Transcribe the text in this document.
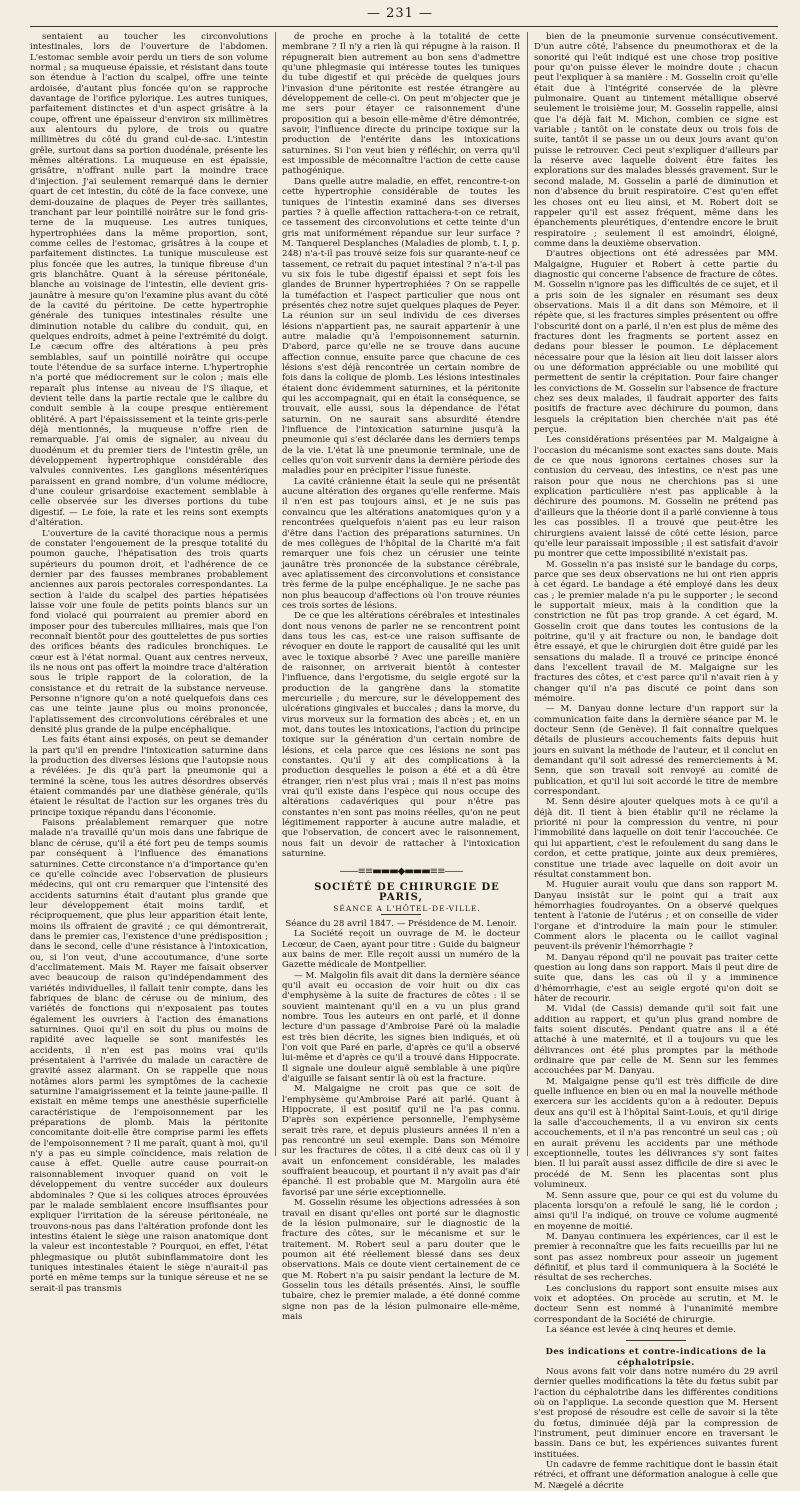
— 231 —

sentaient au toucher les circonvolutions intestinales, lors de l'ouverture de l'abdomen. L'estomac semble avoir perdu un tiers de son volume normal ; sa muqueuse épaissie, et résistant dans toute son étendue à l'action du scalpel, offre une teinte ardoisée, d'autant plus foncée qu'on se rapproche davantage de l'orifice pylorique. Les autres tuniques, parfaitement distinctes et d'un aspect grisâtre à la coupe, offrent une épaisseur d'environ six millimètres aux alentours du pylore, de trois ou quatre millimètres du côté du grand cul-de-sac. L'intestin grêle, surtout dans sa portion duodénale, présente les mêmes altérations. La muqueuse en est épaissie, grisâtre, n'offrant nulle part la moindre trace d'injection. J'ai seulement remarqué dans le dernier quart de cet intestin, du côté de la face convexe, une demi-douzaine de plaques de Peyer très saillantes, tranchant par leur pointillé noirâtre sur le fond gris-terne de la muqueuse. Les autres tuniques, hypertrophiées dans la même proportion, sont, comme celles de l'estomac, grisâtres à la coupe et parfaitement distinctes. La tunique musculeuse est plus foncée que les autres, la tunique fibreuse d'un gris blanchâtre. Quant à la séreuse péritonéale, blanche au voisinage de l'intestin, elle devient gris-jaunâtre à mesure qu'on l'examine plus avant du côté de la cavité du péritoine. De cette hypertrophie générale des tuniques intestinales résulte une diminution notable du calibre du conduit, qui, en quelques endroits, admet à peine l'extrémité du doigt. Le cæcum offre des altérations à peu près semblables, sauf un pointillé noirâtre qui occupe toute l'étendue de sa surface interne. L'hypertrophie n'a porté que médiocrement sur le colon ; mais elle reparaît plus intense au niveau de l'S iliaque, et devient telle dans la partie rectale que le calibre du conduit semble à la coupe presque entièrement oblitéré. A part l'épaississement et la teinte gris-perle déjà mentionnés, la muqueuse n'offre rien de remarquable. J'ai omis de signaler, au niveau du duodénum et du premier tiers de l'intestin grêle, un développement hypertrophique considérable des valvules conniventes. Les ganglions mésentériques paraissent en grand nombre, d'un volume médiocre, d'une couleur grisardoise exactement semblable à celle observée sur les diverses portions du tube digestif. — Le foie, la rate et les reins sont exempts d'altération.

L'ouverture de la cavité thoracique nous a permis de constater l'engouement de la presque totalité du poumon gauche, l'hépatisation des trois quarts supérieurs du poumon droit, et l'adhérence de ce dernier par des fausses membranes probablement anciennes aux parois pectorales correspondantes. La section à l'aide du scalpel des parties hépatisées laisse voir une foule de petits points blancs sur un fond violacé qui pourraient au premier abord en imposer pour des tubercules milliaires, mais que l'on reconnaît bientôt pour des gouttelettes de pus sorties des orifices béants des radicules bronchiques. Le cœur est à l'état normal. Quant aux centres nerveux, ils ne nous ont pas offert la moindre trace d'altération sous le triple rapport de la coloration, de la consistance et du retrait de la substance nerveuse. Personne n'ignore qu'on a noté quelquefois dans ces cas une teinte jaune plus ou moins prononcée, l'aplatissement des circonvolutions cérébrales et une densité plus grande de la pulpe encéphalique.

Les faits étant ainsi exposés, on peut se demander la part qu'il en prendre l'intoxication saturnine dans la production des diverses lésions que l'autopsie nous a révélées. Je dis qu'à part la pneumonie qui a terminé la scène, tous les autres désordres observés étaient commandés par une diathèse générale, qu'ils étaient le résultat de l'action sur les organes très du principe toxique répandu dans l'économie.

Faisons préalablement remarquer que notre malade n'a travaillé qu'un mois dans une fabrique de blanc de céruse, qu'il a été fort peu de temps soumis par conséquent à l'influence des émanations saturnines. Cette circonstance n'a d'importance qu'en ce qu'elle coïncide avec l'observation de plusieurs médecins, qui ont cru remarquer que l'intensité des accidents saturnins était d'autant plus grande que leur développement était moins tardif, et réciproquement, que plus leur apparition était lente, moins ils offraient de gravité ; ce qui démontrerait, dans le premier cas, l'existence d'une prédisposition ; dans le second, celle d'une résistance à l'intoxication, ou, si l'on veut, d'une accoutumance, d'une sorte d'acclimatement. Mais M. Rayer me faisait observer avec beaucoup de raison qu'indépendamment des variétés individuelles, il fallait tenir compte, dans les fabriques de blanc de céruse ou de minium, des variétés de fonctions qui n'exposaient pas toutes également les ouvriers à l'action des émanations saturnines. Quoi qu'il en soit du plus ou moins de rapidité avec laquelle se sont manifestés les accidents, il n'en est pas moins vrai qu'ils présentaient à l'arrivée du malade un caractère de gravité assez alarmant. On se rappelle que nous notâmes alors parmi les symptômes de la cachexie saturnine l'amaigrissement et la teinte jaune-paille. Il existait en même temps une anesthésie superficielle caractéristique de l'empoisonnement par les préparations de plomb. Mais la péritonite concomitante doit-elle être comprise parmi les effets de l'empoisonnement ? Il me paraît, quant à moi, qu'il n'y a pas eu simple coïncidence, mais relation de cause à effet. Quelle autre cause pourrait-on raisonnablement invoquer quand on voit le développement du ventre succéder aux douleurs abdominales ? Que si les coliques atroces éprouvées par le malade semblaient encore insuffisantes pour expliquer l'irritation de la séreuse péritonéale, ne trouvons-nous pas dans l'altération profonde dont les intestins étaient le siège une raison anatomique dont la valeur est incontestable ? Pourquoi, en effet, l'état phlegmasique ou plutôt subinflammatoire dont les tuniques intestinales étaient le siège n'aurait-il pas porté en même temps sur la tunique séreuse et ne se serait-il pas transmis

de proche en proche à la totalité de cette membrane ? Il n'y a rien là qui répugne à la raison. Il répugnerait bien autrement au bon sens d'admettre qu'une phlegmasie qui intéresse toutes les tuniques du tube digestif et qui précède de quelques jours l'invasion d'une péritonite est restée étrangère au développement de celle-ci. On peut m'objecter que je me sers pour étayer ce raisonnement d'une proposition qui a besoin elle-même d'être démontrée, savoir, l'influence directe du principe toxique sur la production de l'entérite dans les intoxications saturnines. Si l'on veut bien y réfléchir, on verra qu'il est impossible de méconnaître l'action de cette cause pathogénique.

Dans quelle autre maladie, en effet, rencontre-t-on cette hypertrophie considérable de toutes les tuniques de l'intestin examiné dans ses diverses parties ? à quelle affection rattachera-t-on ce retrait, ce tassement des circonvolutions et cette teinte d'un gris mat uniformément répandue sur leur surface ? M. Tanquerel Desplanches (Maladies de plomb, t. I, p. 248) n'a-t-il pas trouvé seize fois sur quarante-neuf ce tassement, ce retrait du paquet intestinal ? n'a-t-il pas vu six fois le tube digestif épaissi et sept fois les glandes de Brunner hypertrophiées ? On se rappelle la tuméfaction et l'aspect particulier que nous ont présentés chez notre sujet quelques plaques de Peyer. La réunion sur un seul individu de ces diverses lésions n'appartient pas, ne saurait appartenir à une autre maladie qu'à l'empoisonnement saturnin. D'abord, parce qu'elle ne se trouve dans aucune affection connue, ensuite parce que chacune de ces lésions s'est déjà rencontrée un certain nombre de fois dans la colique de plomb. Les lésions intestinales étaient donc évidemment saturnines, et la péritonite qui les accompagnait, qui en était la conséquence, se trouvait, elle aussi, sous la dépendance de l'état saturnin. On ne saurait sans absurdité étendre l'influence de l'intoxication saturnine jusqu'à la pneumonie qui s'est déclarée dans les derniers temps de la vie. L'état là une pneumonie terminale, une de celles qu'on voit survenir dans la dernière période des maladies pour en précipiter l'issue funeste.

La cavité crânienne était la seule qui ne présentât aucune altération des organes qu'elle renferme. Mais il n'en est pas toujours ainsi, et je ne suis pas convaincu que les altérations anatomiques qu'on y a rencontrées quelquefois n'aient pas eu leur raison d'être dans l'action des préparations saturnines. Un de mes collègues de l'hôpital de la Charité m'a fait remarquer une fois chez un cérusier une teinte jaunâtre très prononcée de la substance cérébrale, avec aplatissement des circonvolutions et consistance très ferme de la pulpe encéphalique. Je ne sache pas non plus beaucoup d'affections où l'on trouve réunies ces trois sortes de lésions.

De ce que les altérations cérébrales et intestinales dont nous venons de parler ne se rencontrent point dans tous les cas, est-ce une raison suffisante de révoquer en doute le rapport de causalité qui les unit avec le toxique absorbé ? Avec une pareille manière de raisonner, on arriverait bientôt à contester l'influence, dans l'ergotisme, du seigle ergoté sur la production de la gangrène dans la stomatite mercurielle ; du mercure, sur le développement des ulcérations gingivales et buccales ; dans la morve, du virus morveux sur la formation des abcès ; et, en un mot, dans toutes les intoxications, l'action du principe toxique sur la génération d'un certain nombre de lésions, et cela parce que ces lésions ne sont pas constantes. Qu'il y ait des complications à la production desquelles le poison a été et a dû être étranger, rien n'est plus vrai ; mais il n'est pas moins vrai qu'il existe dans l'espèce qui nous occupe des altérations cadavériques qui pour n'être pas constantes n'en sont pas moins réelles, qu'on ne peut légitimement rapporter à aucune autre maladie, et que l'observation, de concert avec le raisonnement, nous fait un devoir de rattacher à l'intoxication saturnine.

——≡≡▬▬▬◆▬▬▬≡≡——

SOCIÉTÉ DE CHIRURGIE DE PARIS,

SÉANCE A L'HÔTEL-DE-VILLE.

Séance du 28 avril 1847. — Présidence de M. Lenoir.

La Société reçoit un ouvrage de M. le docteur Lecœur, de Caen, ayant pour titre : Guide du baigneur aux bains de mer. Elle reçoit aussi un numéro de la Gazette médicale de Montpellier.

— M. Malgolin fils avait dit dans la dernière séance qu'il avait eu occasion de voir huit ou dix cas d'emphysème à la suite de fractures de côtes : il se souvient maintenant qu'il en a vu un plus grand nombre. Tous les auteurs en ont parlé, et il donne lecture d'un passage d'Ambroise Paré où la maladie est très bien décrite, les signes bien indiqués, et où l'on voit que Paré en parle, d'après ce qu'il a observé lui-même et d'après ce qu'il a trouvé dans Hippocrate. Il signale une douleur aiguë semblable à une piqûre d'aiguille se faisant sentir là où est la fracture.

M. Malgaigne ne croit pas que ce soit de l'emphysème qu'Ambroise Paré ait parlé. Quant à Hippocrate, il est positif qu'il ne l'a pas connu. D'après son expérience personnelle, l'emphysème serait très rare, et depuis plusieurs années il n'en a pas rencontré un seul exemple. Dans son Mémoire sur les fractures de côtes, il a cité deux cas où il y avait un enfoncement considérable, les malades souffraient beaucoup, et pourtant il n'y avait pas d'air épanché. Il est probable que M. Margolin aura été favorisé par une série exceptionnelle.

M. Gosselin résume les objections adressées à son travail en disant qu'elles ont porté sur le diagnostic de la lésion pulmonaire, sur le diagnostic de la fracture des côtes, sur le mécanisme et sur le traitement. M. Robert seul a paru douter que le poumon ait été réellement blessé dans ses deux observations. Mais ce doute vient certainement de ce que M. Robert n'a pu saisir pendant la lecture de M. Gosselin tous les détails présentés. Ainsi, le souffle tubaire, chez le premier malade, a été donné comme signe non pas de la lésion pulmonaire elle-même, mais

bien de la pneumonie survenue consécutivement. D'un autre côté, l'absence du pneumothorax et de la sonorité qui l'eût indiqué est une chose trop positive pour qu'on puisse élever le moindre doute ; chacun peut l'expliquer à sa manière : M. Gosselin croit qu'elle était due à l'intégrité conservée de la plèvre pulmonaire. Quant au tintement métallique observé seulement le troisième jour, M. Gosselin rappelle, ainsi que l'a déjà fait M. Michon, combien ce signe est variable ; tantôt on le constate deux ou trois fois de suite, tantôt il se passe un ou deux jours avant qu'on puisse le retrouver. Ceci peut s'expliquer d'ailleurs par la réserve avec laquelle doivent être faites les explorations sur des malades blessés gravement. Sur le second malade, M. Gosselin a parlé de diminution et non d'absence du bruit respiratoire. C'est qu'en effet les choses ont eu lieu ainsi, et M. Robert doit se rappeler qu'il est assez fréquent, même dans les épanchements pleurétiques, d'entendre encore le bruit respiratoire ; seulement il est amoindri, éloigné, comme dans la deuxième observation.

D'autres objections ont été adressées par MM. Malgaigne, Huguier et Robert à cette partie du diagnostic qui concerne l'absence de fracture de côtes. M. Gosselin n'ignore pas les difficultés de ce sujet, et il a pris soin de les signaler en résumant ses deux observations. Mais il a dit dans son Mémoire, et il répète que, si les fractures simples présentent ou offre l'obscurité dont on a parlé, il n'en est plus de même des fractures dont les fragments se portent assez en dedans pour blesser le poumon. Le déplacement nécessaire pour que la lésion ait lieu doit laisser alors ou une déformation appréciable ou une mobilité qui permettent de sentir la crépitation. Pour faire changer les convictions de M. Gosselin sur l'absence de fracture chez ses deux malades, il faudrait apporter des faits positifs de fracture avec déchirure du poumon, dans lesquels la crépitation bien cherchée n'ait pas été perçue.

Les considérations présentées par M. Malgaigne à l'occasion du mécanisme sont exactes sans doute. Mais de ce que nous ignorons certaines choses sur la contusion du cerveau, des intestins, ce n'est pas une raison pour que nous ne cherchions pas si une explication particulière n'est pas applicable à la déchirure des poumons. M. Gosselin ne prétend pas d'ailleurs que la théorie dont il a parlé convienne à tous les cas possibles. Il a trouvé que peut-être les chirurgiens avaient laissé de côté cette lésion, parce qu'elle leur paraissait impossible ; il est satisfait d'avoir pu montrer que cette impossibilité n'existait pas.

M. Gosselin n'a pas insisté sur le bandage du corps, parce que ses deux observations ne lui ont rien appris à cet égard. Le bandage a été employé dans les deux cas ; le premier malade n'a pu le supporter ; le second le supportait mieux, mais à la condition que la constriction ne fût pas trop grande. A cet égard, M. Gosselin croit que dans toutes les contusions de la poitrine, qu'il y ait fracture ou non, le bandage doit être essayé, et que le chirurgien doit être guidé par les sensations du malade. Il a trouvé ce principe énoncé dans l'excellent travail de M. Malgaigne sur les fractures des côtes, et c'est parce qu'il n'avait rien à y changer qu'il n'a pas discuté ce point dans son mémoire.

— M. Danyau donne lecture d'un rapport sur la communication faite dans la dernière séance par M. le docteur Senn (de Genève). Il fait connaître quelques détails de plusieurs accouchements faits depuis huit jours en suivant la méthode de l'auteur, et il conclut en demandant qu'il soit adressé des remerciements à M. Senn, que son travail soit renvoyé au comité de publication, et qu'il lui soit accordé le titre de membre correspondant.

M. Senn désire ajouter quelques mots à ce qu'il a déjà dit. Il tient à bien établir qu'il ne réclame la priorité ni pour la compression du ventre, ni pour l'immobilité dans laquelle on doit tenir l'accouchée. Ce qui lui appartient, c'est le refoulement du sang dans le cordon, et cette pratique, jointe aux deux premières, constitue une triade avec laquelle on doit avoir un résultat constamment bon.

M. Huguier aurait voulu que dans son rapport M. Danyau insistât sur le point qui a trait aux hémorrhagies foudroyantes. On a observé quelques tentent à l'atonie de l'utérus ; et on conseille de vider l'organe et d'introduire la main pour le stimuler. Comment alors le placenta ou le caillot vaginal peuvent-ils prévenir l'hémorrhagie ?

M. Danyau répond qu'il ne pouvait pas traiter cette question au long dans son rapport. Mais il peut dire de suite que, dans les cas où il y a imminence d'hémorrhagie, c'est au seigle ergoté qu'on doit se hâter de recourir.

M. Vidal (de Cassis) demande qu'il soit fait une addition au rapport, et qu'un plus grand nombre de faits soient discutés. Pendant quatre ans il a été attaché à une maternité, et il a toujours vu que les délivrances ont été plus promptes par la méthode ordinaire que par celle de M. Senn sur les femmes accouchées par M. Danyau.

M. Malgaigne pense qu'il est très difficile de dire quelle influence en bien ou en mal la nouvelle méthode exercera sur les accidents qu'on a à redouter. Depuis deux ans qu'il est à l'hôpital Saint-Louis, et qu'il dirige la salle d'accouchements, il a vu environ six cents accouchements, et il n'a pas rencontré un seul cas ; où en aurait prévenu les accidents par une méthode exceptionnelle, toutes les délivrances s'y sont faites bien. Il lui paraît aussi assez difficile de dire si avec le procédé de M. Senn les placentas sont plus volumineux.

M. Senn assure que, pour ce qui est du volume du placenta lorsqu'on a refoulé le sang, lié le cordon ; ainsi qu'il l'a indiqué, on trouve ce volume augmenté en moyenne de moitié.

M. Danyau continuera les expériences, car il est le premier à reconnaître que les faits recueillis par lui ne sont pas assez nombreux pour asseoir un jugement définitif, et plus tard il communiquera à la Société le résultat de ses recherches.

Les conclusions du rapport sont ensuite mises aux voix et adoptées. On procède au scrutin, et M. le docteur Senn est nommé à l'unanimité membre correspondant de la Société de chirurgie.

La séance est levée à cinq heures et demie.

Des indications et contre-indications de la céphalotripsie.

Nous avons fait voir dans notre numéro du 29 avril dernier quelles modifications la tête du fœtus subit par l'action du céphalotribe dans les différentes conditions où on l'applique. La seconde question que M. Hersent s'est proposé de résoudre est celle de savoir si la tête du fœtus, diminuée déjà par la compression de l'instrument, peut diminuer encore en traversant le bassin. Dans ce but, les expériences suivantes furent instituées.

Un cadavre de femme rachitique dont le bassin était rétréci, et offrant une déformation analogue à celle que M. Nægelé a décrite
